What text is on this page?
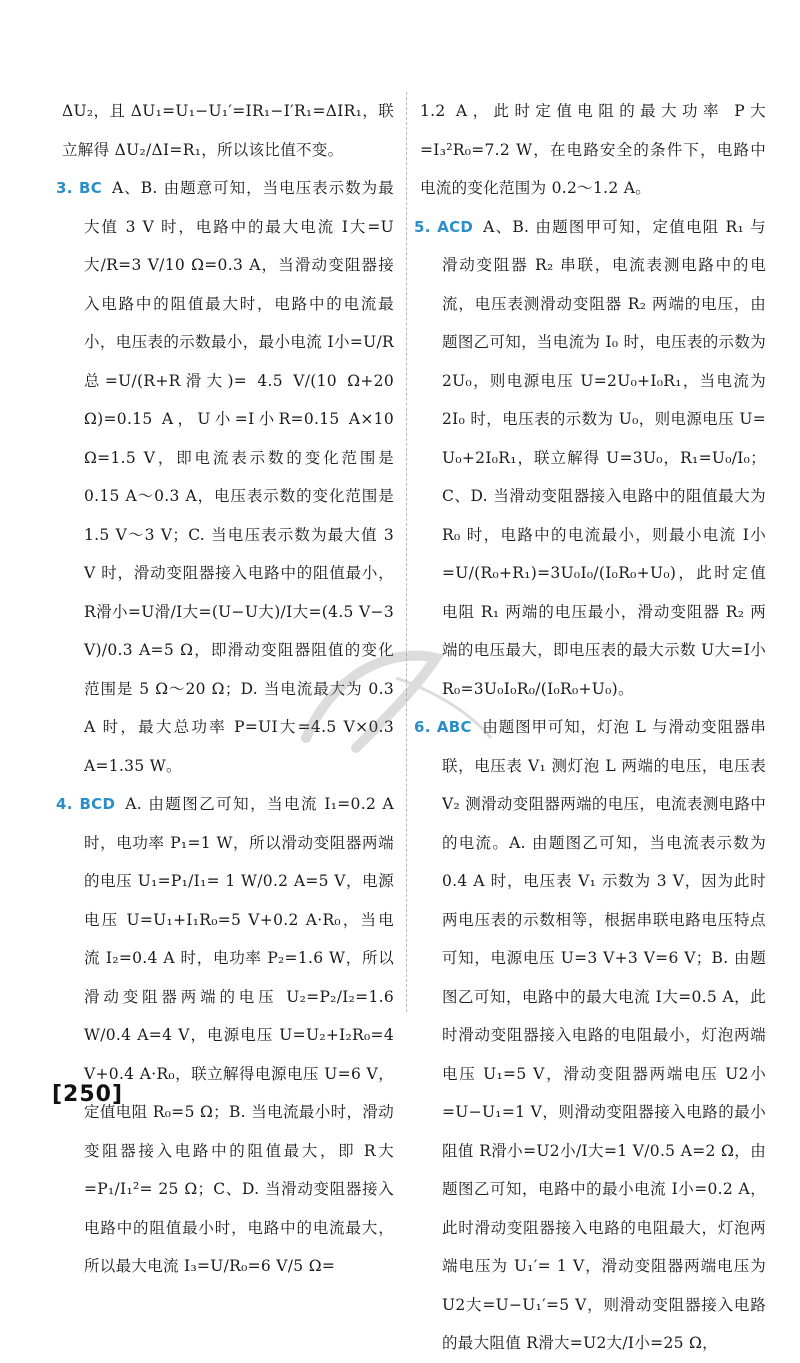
ΔU₂，且 ΔU₁=U₁−U₁′=IR₁−I′R₁=ΔIR₁，联立解得 ΔU₂/ΔI=R₁，所以该比值不变。

3. BC A、B. 由题意可知，当电压表示数为最大值 3 V 时，电路中的最大电流 I大=U大/R=3 V/10 Ω=0.3 A，当滑动变阻器接入电路中的阻值最大时，电路中的电流最小，电压表的示数最小，最小电流 I小=U/R总=U/(R+R滑大)= 4.5 V/(10 Ω+20 Ω)=0.15 A，U小=I小R=0.15 A×10 Ω=1.5 V，即电流表示数的变化范围是 0.15 A～0.3 A，电压表示数的变化范围是 1.5 V～3 V；C. 当电压表示数为最大值 3 V 时，滑动变阻器接入电路中的阻值最小，R滑小=U滑/I大=(U−U大)/I大=(4.5 V−3 V)/0.3 A=5 Ω，即滑动变阻器阻值的变化范围是 5 Ω～20 Ω；D. 当电流最大为 0.3 A 时，最大总功率 P=UI大=4.5 V×0.3 A=1.35 W。

4. BCD A. 由题图乙可知，当电流 I₁=0.2 A 时，电功率 P₁=1 W，所以滑动变阻器两端的电压 U₁=P₁/I₁= 1 W/0.2 A=5 V，电源电压 U=U₁+I₁R₀=5 V+0.2 A·R₀，当电流 I₂=0.4 A 时，电功率 P₂=1.6 W，所以滑动变阻器两端的电压 U₂=P₂/I₂=1.6 W/0.4 A=4 V，电源电压 U=U₂+I₂R₀=4 V+0.4 A·R₀，联立解得电源电压 U=6 V，定值电阻 R₀=5 Ω；B. 当电流最小时，滑动变阻器接入电路中的阻值最大，即 R大=P₁/I₁²= 25 Ω；C、D. 当滑动变阻器接入电路中的阻值最小时，电路中的电流最大，所以最大电流 I₃=U/R₀=6 V/5 Ω=

1.2 A，此时定值电阻的最大功率 P大=I₃²R₀=7.2 W，在电路安全的条件下，电路中电流的变化范围为 0.2～1.2 A。

5. ACD A、B. 由题图甲可知，定值电阻 R₁ 与滑动变阻器 R₂ 串联，电流表测电路中的电流，电压表测滑动变阻器 R₂ 两端的电压，由题图乙可知，当电流为 I₀ 时，电压表的示数为 2U₀，则电源电压 U=2U₀+I₀R₁，当电流为 2I₀ 时，电压表的示数为 U₀，则电源电压 U= U₀+2I₀R₁，联立解得 U=3U₀，R₁=U₀/I₀；C、D. 当滑动变阻器接入电路中的阻值最大为 R₀ 时，电路中的电流最小，则最小电流 I小=U/(R₀+R₁)=3U₀I₀/(I₀R₀+U₀)，此时定值电阻 R₁ 两端的电压最小，滑动变阻器 R₂ 两端的电压最大，即电压表的最大示数 U大=I小R₀=3U₀I₀R₀/(I₀R₀+U₀)。

6. ABC 由题图甲可知，灯泡 L 与滑动变阻器串联，电压表 V₁ 测灯泡 L 两端的电压，电压表 V₂ 测滑动变阻器两端的电压，电流表测电路中的电流。A. 由题图乙可知，当电流表示数为 0.4 A 时，电压表 V₁ 示数为 3 V，因为此时两电压表的示数相等，根据串联电路电压特点可知，电源电压 U=3 V+3 V=6 V；B. 由题图乙可知，电路中的最大电流 I大=0.5 A，此时滑动变阻器接入电路的电阻最小，灯泡两端电压 U₁=5 V，滑动变阻器两端电压 U2小=U−U₁=1 V，则滑动变阻器接入电路的最小阻值 R滑小=U2小/I大=1 V/0.5 A=2 Ω，由题图乙可知，电路中的最小电流 I小=0.2 A，此时滑动变阻器接入电路的电阻最大，灯泡两端电压为 U₁′= 1 V，滑动变阻器两端电压为 U2大=U−U₁′=5 V，则滑动变阻器接入电路的最大阻值 R滑大=U2大/I小=25 Ω，

[250]
